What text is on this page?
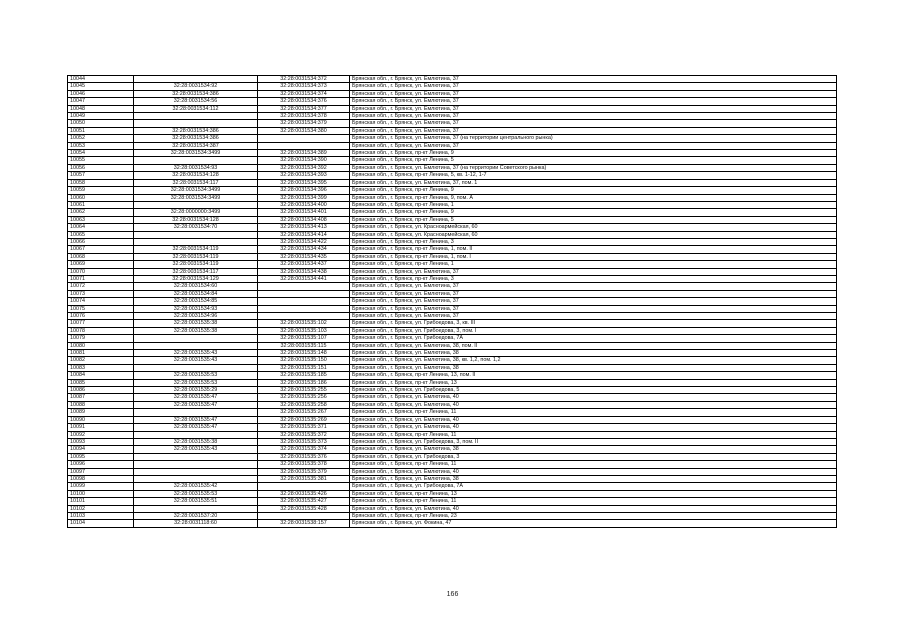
10044		32:28:0031534:372	Брянская обл., г. Брянск, ул. Емлютина, 37
10045	32:28:0031534:92	32:28:0031534:373	Брянская обл., г. Брянск, ул. Емлютина, 37
10046	32:28:0031534:386	32:28:0031534:374	Брянская обл., г. Брянск, ул. Емлютина, 37
10047	32:28:0031534:56	32:28:0031534:376	Брянская обл., г. Брянск, ул. Емлютина, 37
10048	32:28:0031534:112	32:28:0031534:377	Брянская обл., г. Брянск, ул. Емлютина, 37
10049		32:28:0031534:378	Брянская обл., г. Брянск, ул. Емлютина, 37
10050		32:28:0031534:379	Брянская обл., г. Брянск, ул. Емлютина, 37
10051	32:28:0031534:386	32:28:0031534:380	Брянская обл., г. Брянск, ул. Емлютина, 37
10052	32:28:0031534:386		Брянская обл., г. Брянск, ул. Емлютина, 37 (на территории центрального рынка)
10053	32:28:0031534:387		Брянская обл., г. Брянск, ул. Емлютина, 37
10054	32:28:0031534:3499	32:28:0031534:389	Брянская обл., г. Брянск, пр-кт Ленина, 9
10055		32:28:0031534:390	Брянская обл., г. Брянск, пр-кт Ленина, 5
10056	32:28:0031534:93	32:28:0031534:392	Брянская обл., г. Брянск, ул. Емлютина, 37 (на территории Советского рынка)
10057	32:28:0031534:128	32:28:0031534:393	Брянская обл., г. Брянск, пр-кт Ленина, 5, кв. 1-12, 1-7
10058	32:28:0031534:117	32:28:0031534:395	Брянская обл., г. Брянск, ул. Емлютина, 37, пом. 1
10059	32:28:0031534:3499	32:28:0031534:396	Брянская обл., г. Брянск, пр-кт Ленина, 9
10060	32:28:0031534:3499	32:28:0031534:399	Брянская обл., г. Брянск, пр-кт Ленина, 9, пом. А
10061		32:28:0031534:400	Брянская обл., г. Брянск, пр-кт Ленина, 1
10062	32:28:0000000:3499	32:28:0031534:401	Брянская обл., г. Брянск, пр-кт Ленина, 9
10063	32:28:0031534:128	32:28:0031534:408	Брянская обл., г. Брянск, пр-кт Ленина, 5
10064	32:28:0031534:70	32:28:0031534:413	Брянская обл., г. Брянск, ул. Красноармейская, 60
10065		32:28:0031534:414	Брянская обл., г. Брянск, ул. Красноармейская, 60
10066		32:28:0031534:422	Брянская обл., г. Брянск, пр-кт Ленина, 3
10067	32:28:0031534:119	32:28:0031534:434	Брянская обл., г. Брянск, пр-кт Ленина, 1, пом. II
10068	32:28:0031534:119	32:28:0031534:435	Брянская обл., г. Брянск, пр-кт Ленина, 1, пом. I
10069	32:28:0031534:119	32:28:0031534:437	Брянская обл., г. Брянск, пр-кт Ленина, 1
10070	32:28:0031534:117	32:28:0031534:438	Брянская обл., г. Брянск, ул. Емлютина, 37
10071	32:28:0031534:129	32:28:0031534:441	Брянская обл., г. Брянск, пр-кт Ленина, 3
10072	32:28:0031534:60		Брянская обл., г. Брянск, ул. Емлютина, 37
10073	32:28:0031534:84		Брянская обл., г. Брянск, ул. Емлютина, 37
10074	32:28:0031534:85		Брянская обл., г. Брянск, ул. Емлютина, 37
10075	32:28:0031534:93		Брянская обл., г. Брянск, ул. Емлютина, 37
10076	32:28:0031534:96		Брянская обл., г. Брянск, ул. Емлютина, 37
10077	32:28:0031535:38	32:28:0031535:102	Брянская обл., г. Брянск, ул. Грибоедова, 3, кв. III
10078	32:28:0031535:38	32:28:0031535:103	Брянская обл., г. Брянск, ул. Грибоедова, 3, пом. I
10079		32:28:0031535:107	Брянская обл., г. Брянск, ул. Грибоедова, 7А
10080		32:28:0031535:115	Брянская обл., г. Брянск, ул. Емлютина, 38, пом. II
10081	32:28:0031535:43	32:28:0031535:148	Брянская обл., г. Брянск, ул. Емлютина, 38
10082	32:28:0031535:43	32:28:0031535:150	Брянская обл., г. Брянск, ул. Емлютина, 38, кв. 1,2, пом. 1,2
10083		32:28:0031535:151	Брянская обл., г. Брянск, ул. Емлютина, 38
10084	32:28:0031535:53	32:28:0031535:185	Брянская обл., г. Брянск, пр-кт Ленина, 13, пом. II
10085	32:28:0031535:53	32:28:0031535:186	Брянская обл., г. Брянск, пр-кт Ленина, 13
10086	32:28:0031535:29	32:28:0031535:255	Брянская обл., г. Брянск, ул. Грибоедова, 5
10087	32:28:0031535:47	32:28:0031535:256	Брянская обл., г. Брянск, ул. Емлютина, 40
10088	32:28:0031535:47	32:28:0031535:258	Брянская обл., г. Брянск, ул. Емлютина, 40
10089		32:28:0031535:267	Брянская обл., г. Брянск, пр-кт Ленина, 11
10090	32:28:0031535:47	32:28:0031535:269	Брянская обл., г. Брянск, ул. Емлютина, 40
10091	32:28:0031535:47	32:28:0031535:371	Брянская обл., г. Брянск, ул. Емлютина, 40
10092		32:28:0031535:372	Брянская обл., г. Брянск, пр-кт Ленина, 11
10093	32:28:0031535:38	32:28:0031535:373	Брянская обл., г. Брянск, ул. Грибоедова, 3, пом. II
10094	32:28:0031535:43	32:28:0031535:374	Брянская обл., г. Брянск, ул. Емлютина, 38
10095		32:28:0031535:376	Брянская обл., г. Брянск, ул. Грибоедова, 3
10096		32:28:0031535:378	Брянская обл., г. Брянск, пр-кт Ленина, 11
10097		32:28:0031535:379	Брянская обл., г. Брянск, ул. Емлютина, 40
10098		32:28:0031535:381	Брянская обл., г. Брянск, ул. Емлютина, 38
10099	32:28:0031535:42		Брянская обл., г. Брянск, ул. Грибоедова, 7А
10100	32:28:0031535:53	32:28:0031535:426	Брянская обл., г. Брянск, пр-кт Ленина, 13
10101	32:28:0031535:51	32:28:0031535:427	Брянская обл., г. Брянск, пр-кт Ленина, 11
10102		32:28:0031535:428	Брянская обл., г. Брянск, ул. Емлютина, 40
10103	32:28:0031537:20		Брянская обл., г. Брянск, пр-кт Ленина, 23
10104	32:28:0031118:60	32:28:0031538:157	Брянская обл., г. Брянск, ул. Фокина, 47
166
